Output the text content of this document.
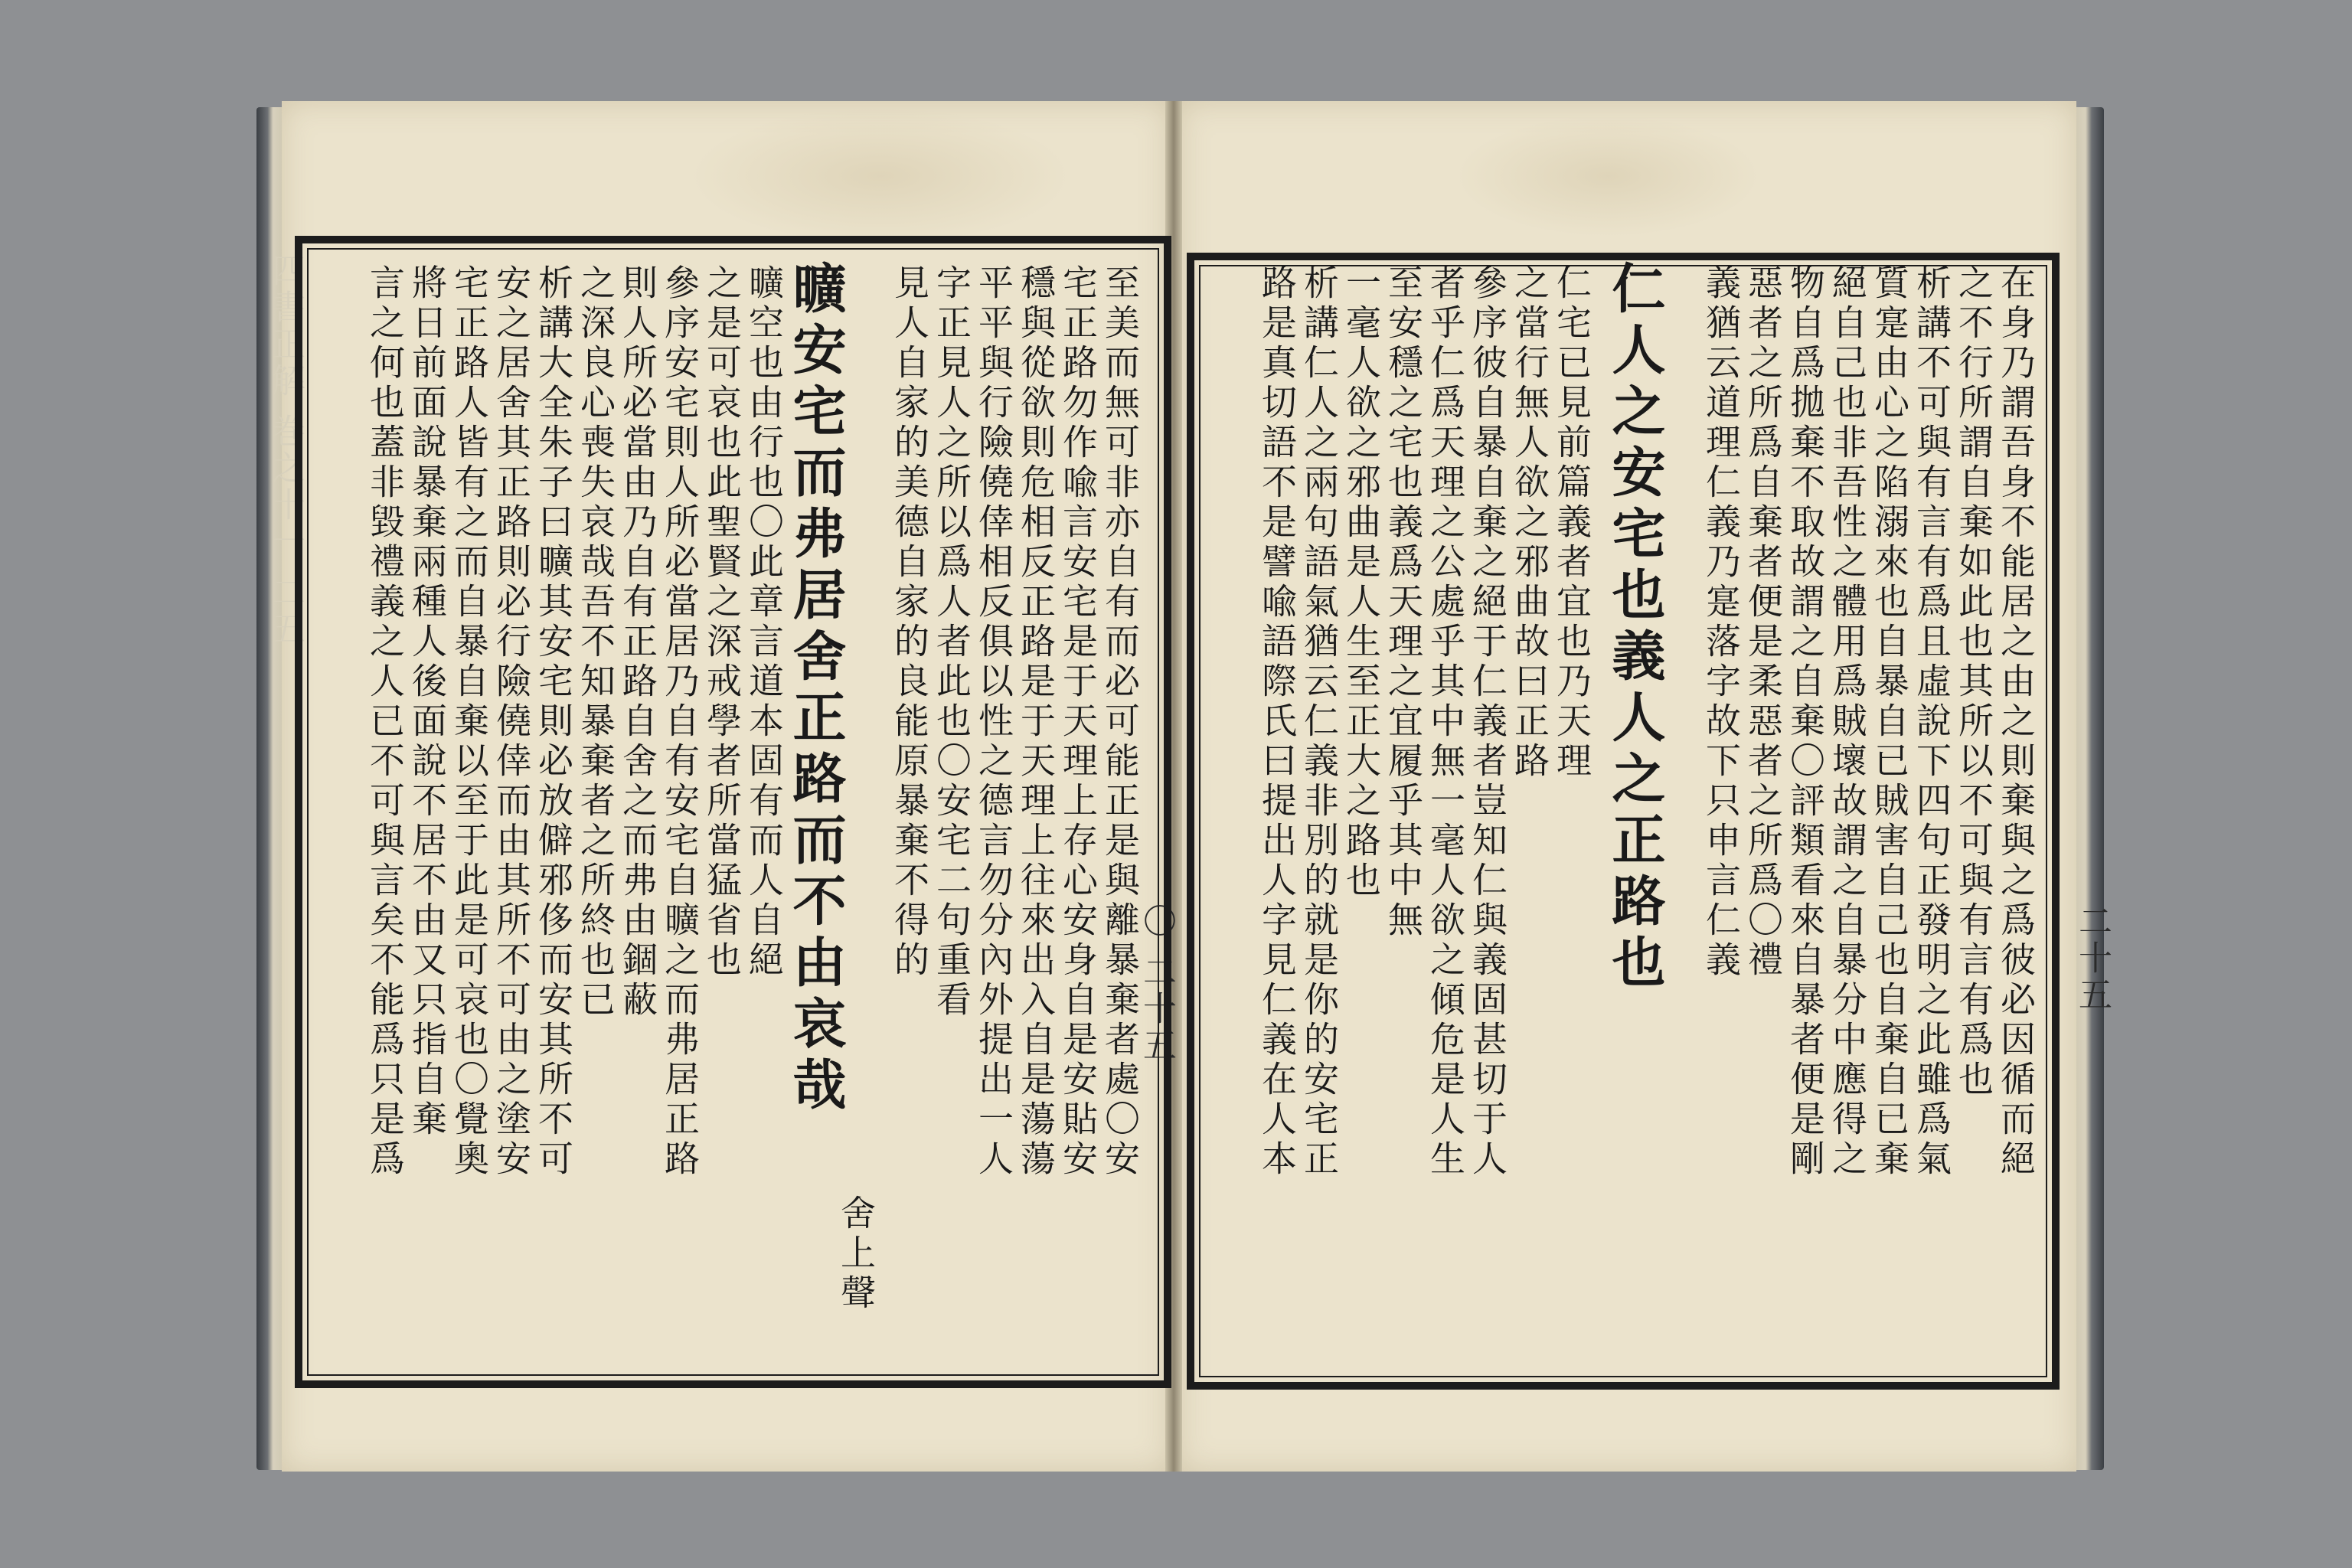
四書正解 巻之十一 二五
〇 二十五	二十五
至美而無可非亦自有而必可能正是與離暴棄者處〇安
宅正路勿作喩言安宅是于天理上存心安身自是安貼安
穩與從欲則危相反正路是于天理上往來出入自是蕩蕩
平平與行險僥倖相反俱以性之德言勿分內外提出一人
字正見人之所以爲人者此也〇安宅二句重看
見人自家的美德自家的良能原暴棄不得的
曠空也由行也〇此章言道本固有而人自絕
之是可哀也此聖賢之深戒學者所當猛省也
參序安宅則人所必當居乃自有安宅自曠之而弗居正路
則人所必當由乃自有正路自舍之而弗由錮蔽
之深良心喪失哀哉吾不知暴棄者之所終也已
析講大全朱子曰曠其安宅則必放僻邪侈而安其所不可
安之居舍其正路則必行險僥倖而由其所不可由之塗安
宅正路人皆有之而自暴自棄以至于此是可哀也〇覺奧
將日前面說暴棄兩種人後面說不居不由又只指自棄
言之何也蓋非毀禮義之人已不可與言矣不能爲只是爲	曠安宅而弗居舍正路而不由哀哉
舍上聲
在身乃謂吾身不能居之由之則棄與之爲彼必因循而絕
之不行所謂自棄如此也其所以不可與有言有爲也
析講不可與有言有爲且虛說下四句正發明之此雖爲氣
質寔由心之陷溺來也自暴自已賊害自己也自棄自已棄
絕自己也非吾性之體用爲賊壞故謂之自暴分中應得之
物自爲拋棄不取故謂之自棄〇評類看來自暴者便是剛
惡者之所爲自棄者便是柔惡者之所爲〇禮
義猶云道理仁義乃寔落字故下只申言仁義
仁宅已見前篇義者宜也乃天理
之當行無人欲之邪曲故曰正路
參序彼自暴自棄之絕于仁義者豈知仁與義固甚切于人
者乎仁爲天理之公處乎其中無一毫人欲之傾危是人生
至安穩之宅也義爲天理之宜履乎其中無
一毫人欲之邪曲是人生至正大之路也
析講仁人之兩句語氣猶云仁義非別的就是你的安宅正
路是真切語不是譬喩語際氏曰提出人字見仁義在人本	仁人之安宅也義人之正路也
